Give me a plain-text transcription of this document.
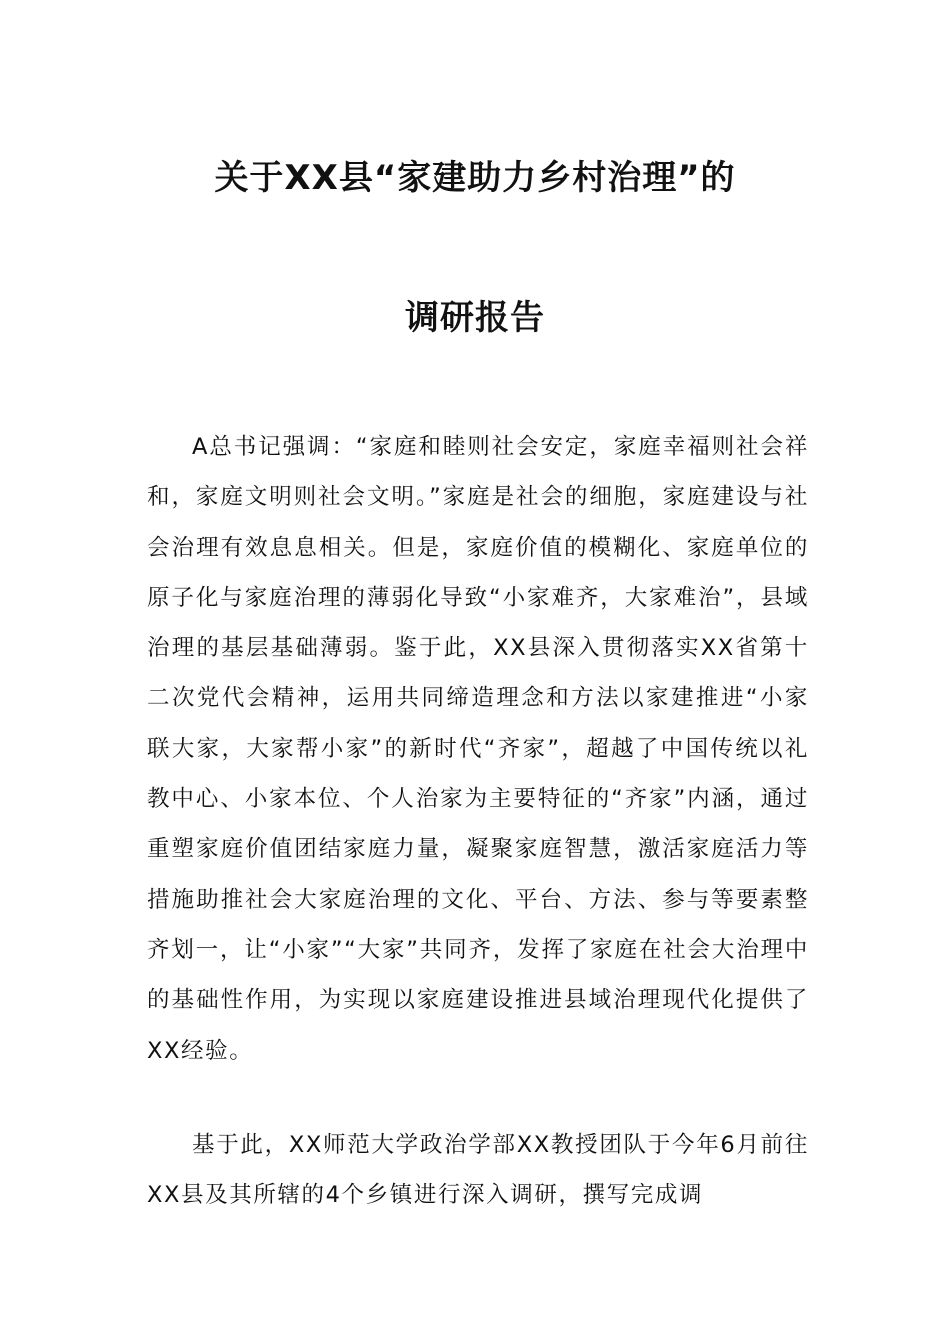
关于XX县“家建助力乡村治理”的
调研报告

A总书记强调：“家庭和睦则社会安定，家庭幸福则社会祥和，家庭文明则社会文明。”家庭是社会的细胞，家庭建设与社会治理有效息息相关。但是，家庭价值的模糊化、家庭单位的原子化与家庭治理的薄弱化导致“小家难齐，大家难治”，县域治理的基层基础薄弱。鉴于此，XX县深入贯彻落实XX省第十二次党代会精神，运用共同缔造理念和方法以家建推进“小家联大家，大家帮小家”的新时代“齐家”，超越了中国传统以礼教中心、小家本位、个人治家为主要特征的“齐家”内涵，通过重塑家庭价值团结家庭力量，凝聚家庭智慧，激活家庭活力等措施助推社会大家庭治理的文化、平台、方法、参与等要素整齐划一，让“小家”“大家”共同齐，发挥了家庭在社会大治理中的基础性作用，为实现以家庭建设推进县域治理现代化提供了XX经验。

基于此，XX师范大学政治学部XX教授团队于今年6月前往XX县及其所辖的4个乡镇进行深入调研，撰写完成调
